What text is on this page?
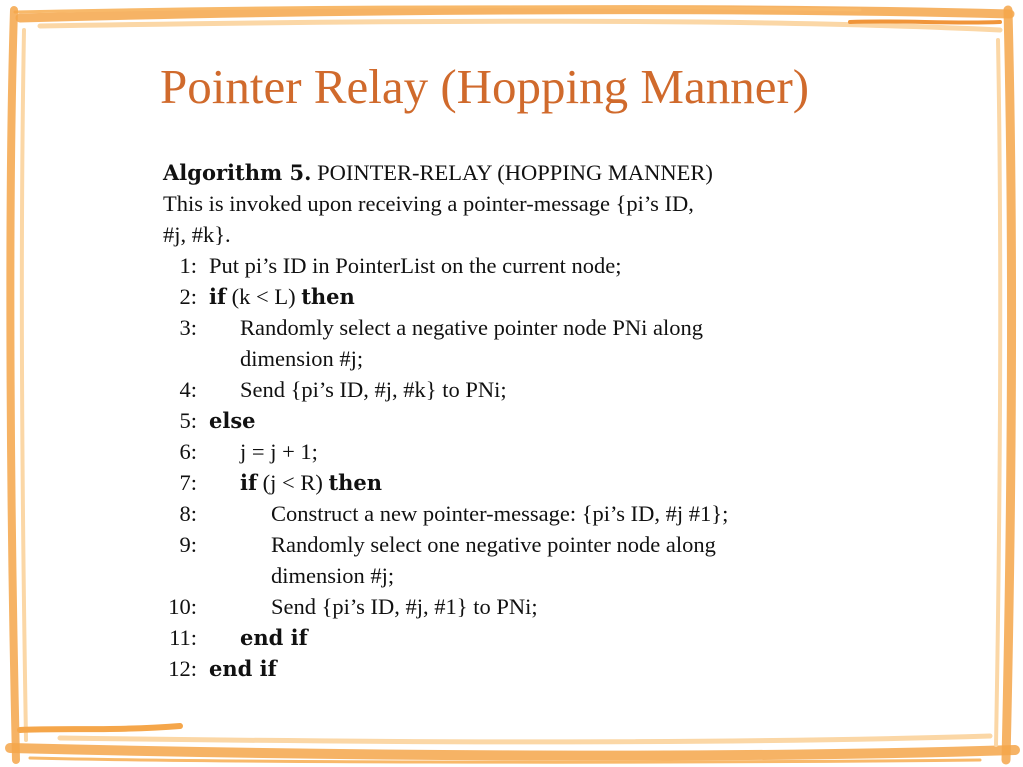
Pointer Relay (Hopping Manner)
Algorithm 5. POINTER-RELAY (HOPPING MANNER)
This is invoked upon receiving a pointer-message {pi’s ID,
#j, #k}.
1: Put pi’s ID in PointerList on the current node;
2: if (k < L) then
3: Randomly select a negative pointer node PNi along
dimension #j;
4: Send {pi’s ID, #j, #k} to PNi;
5: else
6: j = j + 1;
7: if (j < R) then
8:	Construct a new pointer-message: {pi’s ID, #j #1};
9:	Randomly select one negative pointer node along
dimension #j;
10:	Send {pi’s ID, #j, #1} to PNi;
11: end if
12: end if
